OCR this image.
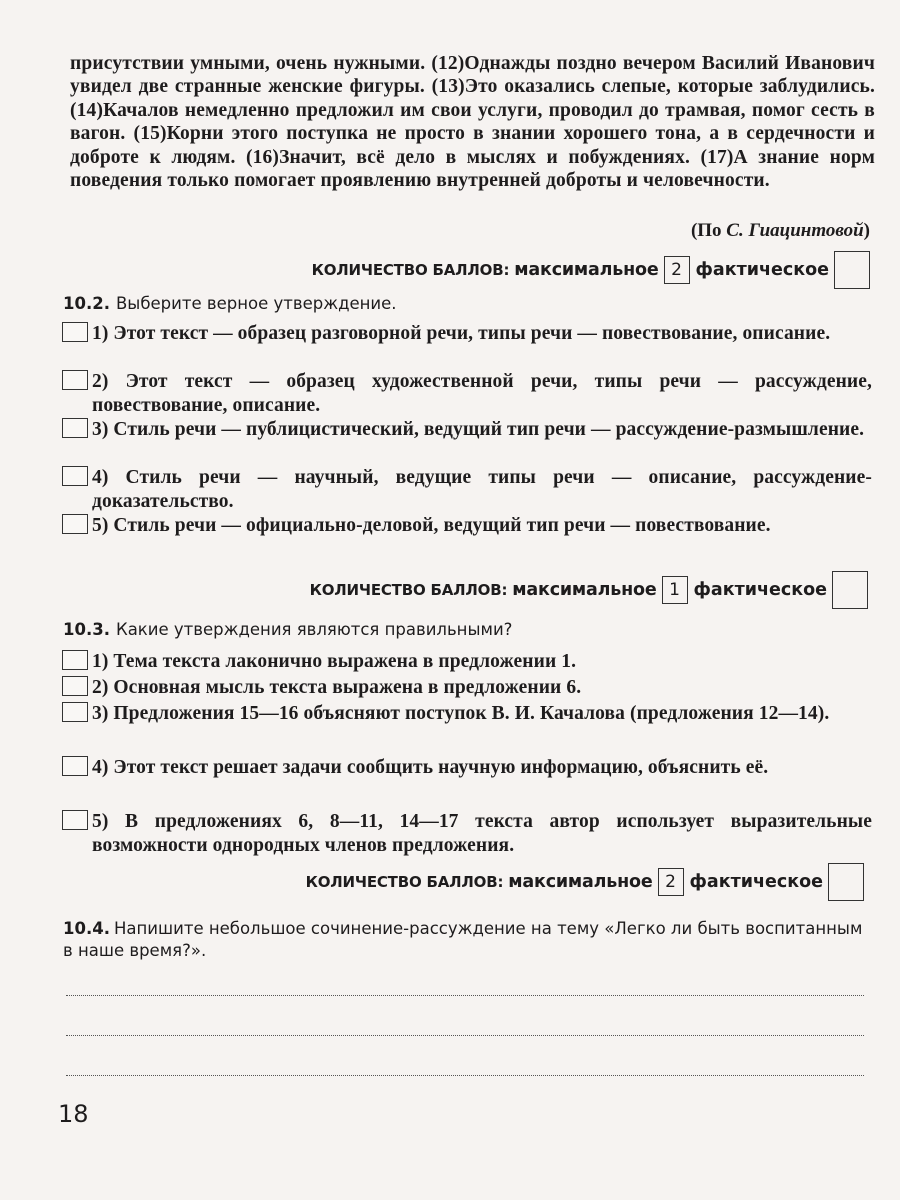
присутствии умными, очень нужными. (12)Однажды поздно вечером Василий Иванович увидел две странные женские фигуры. (13)Это оказались слепые, которые заблудились. (14)Качалов немедленно предложил им свои услуги, проводил до трамвая, помог сесть в вагон. (15)Корни этого поступка не просто в знании хорошего тона, а в сердечности и доброте к людям. (16)Значит, всё дело в мыслях и побуждениях. (17)А знание норм поведения только помогает проявлению внутренней доброты и человечности.

(По С. Гиацинтовой)
КОЛИЧЕСТВО БАЛЛОВ: максимальное 2 фактическое
10.2. Выберите верное утверждение.
1) Этот текст — образец разговорной речи, типы речи — повествование, описание.
2) Этот текст — образец художественной речи, типы речи — рассуждение, повествование, описание.
3) Стиль речи — публицистический, ведущий тип речи — рассуждение-размышление.
4) Стиль речи — научный, ведущие типы речи — описание, рассуждение-доказательство.
5) Стиль речи — официально-деловой, ведущий тип речи — повествование.
КОЛИЧЕСТВО БАЛЛОВ: максимальное 1 фактическое
10.3. Какие утверждения являются правильными?
1) Тема текста лаконично выражена в предложении 1.
2) Основная мысль текста выражена в предложении 6.
3) Предложения 15—16 объясняют поступок В. И. Качалова (предложения 12—14).
4) Этот текст решает задачи сообщить научную информацию, объяснить её.
5) В предложениях 6, 8—11, 14—17 текста автор использует выразительные возможности однородных членов предложения.
КОЛИЧЕСТВО БАЛЛОВ: максимальное 2 фактическое
10.4. Напишите небольшое сочинение-рассуждение на тему «Легко ли быть воспитанным в наше время?».
18
